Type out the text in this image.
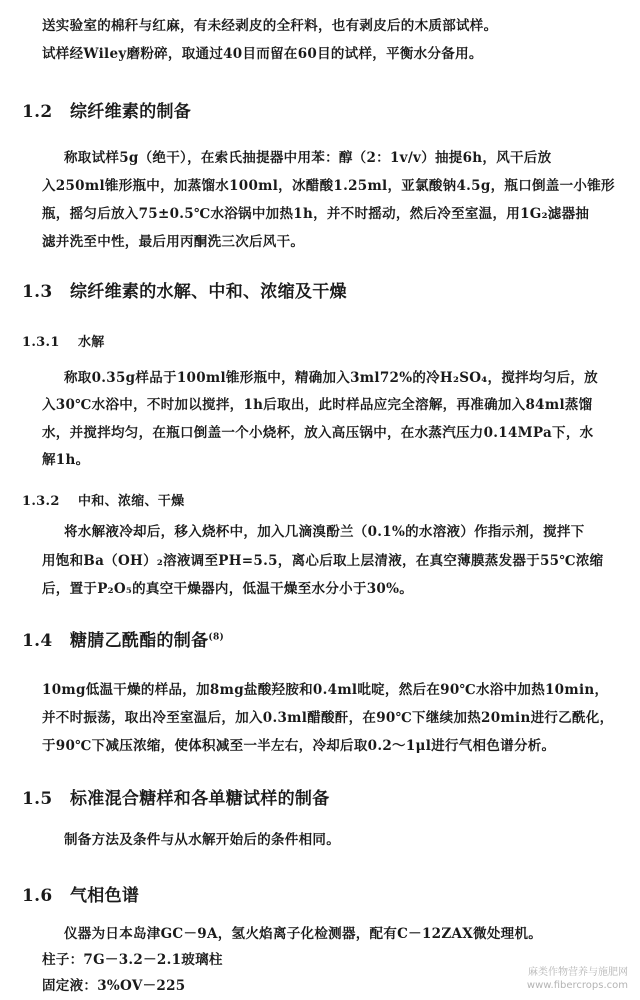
送实验室的棉秆与红麻，有未经剥皮的全秆料，也有剥皮后的木质部试样。
试样经Wiley磨粉碎，取通过40目而留在60目的试样，平衡水分备用。
1.2 综纤维素的制备
称取试样5g（绝干），在索氏抽提器中用苯：醇（2：1v/v）抽提6h，风干后放
入250ml锥形瓶中，加蒸馏水100ml，冰醋酸1.25ml，亚氯酸钠4.5g，瓶口倒盖一小锥形
瓶，摇匀后放入75±0.5℃水浴锅中加热1h，并不时摇动，然后冷至室温，用1G₂滤器抽
滤并洗至中性，最后用丙酮洗三次后风干。
1.3 综纤维素的水解、中和、浓缩及干燥
1.3.1 水解
称取0.35g样品于100ml锥形瓶中，精确加入3ml72%的冷H₂SO₄，搅拌均匀后，放
入30℃水浴中，不时加以搅拌，1h后取出，此时样品应完全溶解，再准确加入84ml蒸馏
水，并搅拌均匀，在瓶口倒盖一个小烧杯，放入高压锅中，在水蒸汽压力0.14MPa下，水
解1h。
1.3.2 中和、浓缩、干燥
将水解液冷却后，移入烧杯中，加入几滴溴酚兰（0.1%的水溶液）作指示剂，搅拌下
用饱和Ba（OH）₂溶液调至PH=5.5，离心后取上层清液，在真空薄膜蒸发器于55℃浓缩
后，置于P₂O₅的真空干燥器内，低温干燥至水分小于30%。
1.4 糖腈乙酰酯的制备$^{(8)}$
10mg低温干燥的样品，加8mg盐酸羟胺和0.4ml吡啶，然后在90℃水浴中加热10min，
并不时振荡，取出冷至室温后，加入0.3ml醋酸酐，在90℃下继续加热20min进行乙酰化，
于90℃下减压浓缩，使体积减至一半左右，冷却后取0.2～1μl进行气相色谱分析。
1.5 标准混合糖样和各单糖试样的制备
制备方法及条件与从水解开始后的条件相同。
1.6 气相色谱
仪器为日本岛津GC－9A，氢火焰离子化检测器，配有C－12ZAX微处理机。
柱子：7G－3.2－2.1玻璃柱
固定液：3%OV－225
麻类作物营养与施肥网
www.fibercrops.com
